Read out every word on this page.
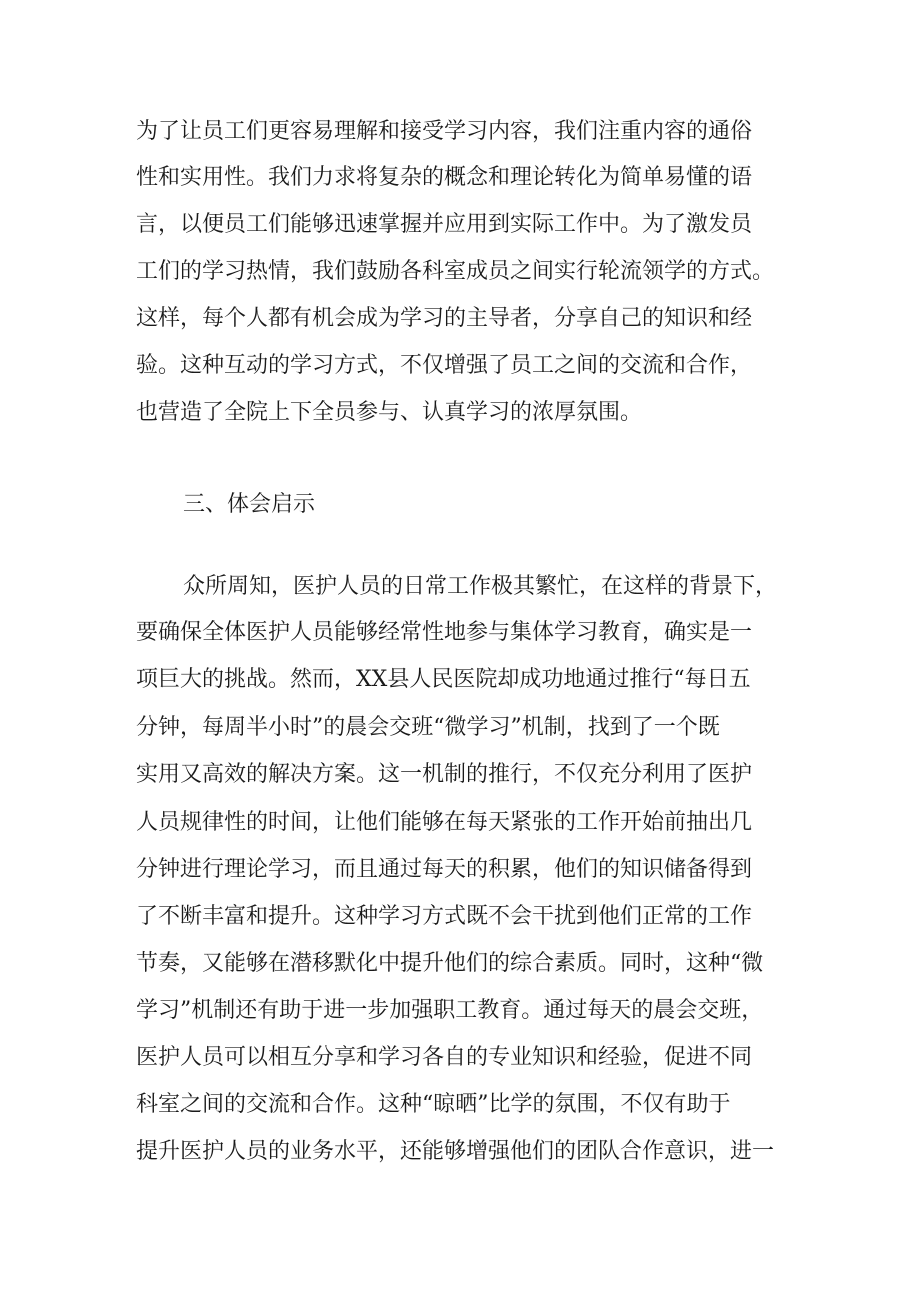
为了让员工们更容易理解和接受学习内容，我们注重内容的通俗

性和实用性。我们力求将复杂的概念和理论转化为简单易懂的语

言，以便员工们能够迅速掌握并应用到实际工作中。为了激发员

工们的学习热情，我们鼓励各科室成员之间实行轮流领学的方式。

这样，每个人都有机会成为学习的主导者，分享自己的知识和经

验。这种互动的学习方式，不仅增强了员工之间的交流和合作，

也营造了全院上下全员参与、认真学习的浓厚氛围。

三、体会启示

众所周知，医护人员的日常工作极其繁忙，在这样的背景下，

要确保全体医护人员能够经常性地参与集体学习教育，确实是一

项巨大的挑战。然而，XX县人民医院却成功地通过推行“每日五

分钟，每周半小时”的晨会交班“微学习”机制，找到了一个既

实用又高效的解决方案。这一机制的推行，不仅充分利用了医护

人员规律性的时间，让他们能够在每天紧张的工作开始前抽出几

分钟进行理论学习，而且通过每天的积累，他们的知识储备得到

了不断丰富和提升。这种学习方式既不会干扰到他们正常的工作

节奏，又能够在潜移默化中提升他们的综合素质。同时，这种“微

学习”机制还有助于进一步加强职工教育。通过每天的晨会交班，

医护人员可以相互分享和学习各自的专业知识和经验，促进不同

科室之间的交流和合作。这种“晾晒”比学的氛围，不仅有助于

提升医护人员的业务水平，还能够增强他们的团队合作意识，进一
